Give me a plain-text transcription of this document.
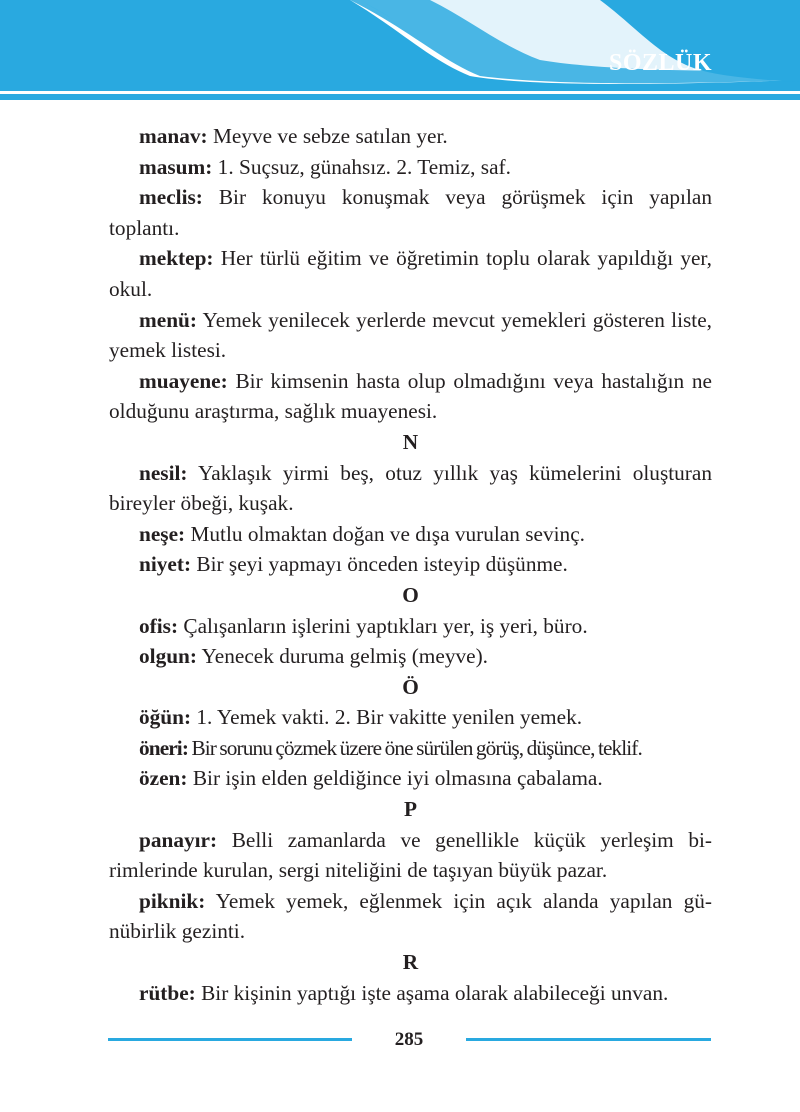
SÖZLÜK

manav: Meyve ve sebze satılan yer.

masum: 1. Suçsuz, günahsız. 2. Temiz, saf.

meclis: Bir konuyu konuşmak veya görüşmek için yapılan toplantı.

mektep: Her türlü eğitim ve öğretimin toplu olarak yapıldığı yer, okul.

menü: Yemek yenilecek yerlerde mevcut yemekleri gösteren liste, yemek listesi.

muayene: Bir kimsenin hasta olup olmadığını veya hastalığın ne olduğunu araştırma, sağlık muayenesi.

N

nesil: Yaklaşık yirmi beş, otuz yıllık yaş kümelerini oluşturan bireyler öbeği, kuşak.

neşe: Mutlu olmaktan doğan ve dışa vurulan sevinç.

niyet: Bir şeyi yapmayı önceden isteyip düşünme.

O

ofis: Çalışanların işlerini yaptıkları yer, iş yeri, büro.

olgun: Yenecek duruma gelmiş (meyve).

Ö

öğün: 1. Yemek vakti. 2. Bir vakitte yenilen yemek.

öneri: Bir sorunu çözmek üzere öne sürülen görüş, düşünce, teklif.

özen: Bir işin elden geldiğince iyi olmasına çabalama.

P

panayır: Belli zamanlarda ve genellikle küçük yerleşim birimlerinde kurulan, sergi niteliğini de taşıyan büyük pazar.

piknik: Yemek yemek, eğlenmek için açık alanda yapılan günübirlik gezinti.

R

rütbe: Bir kişinin yaptığı işte aşama olarak alabileceği unvan.

285
